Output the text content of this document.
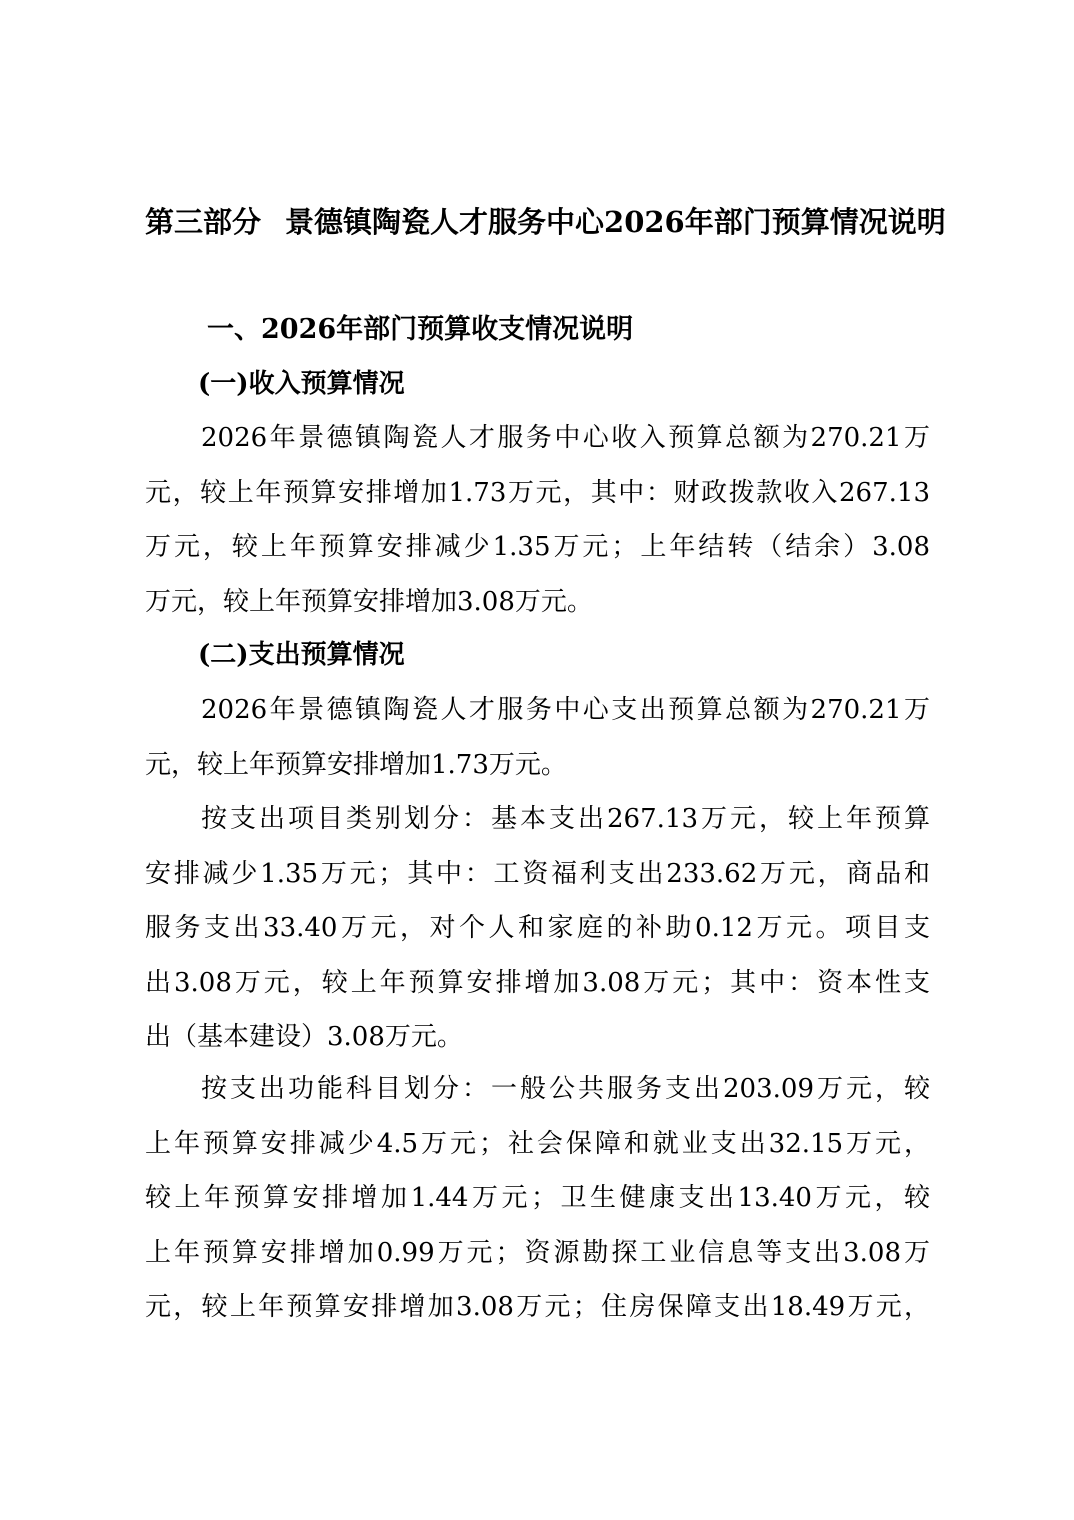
第三部分 景德镇陶瓷人才服务中心2026年部门预算情况说明
一、2026年部门预算收支情况说明
(一)收入预算情况

2026年景德镇陶瓷人才服务中心收入预算总额为270.21万
元，较上年预算安排增加1.73万元，其中：财政拨款收入267.13
万元，较上年预算安排减少1.35万元；上年结转（结余）3.08
万元，较上年预算安排增加3.08万元。

(二)支出预算情况

2026年景德镇陶瓷人才服务中心支出预算总额为270.21万
元，较上年预算安排增加1.73万元。

按支出项目类别划分：基本支出267.13万元，较上年预算
安排减少1.35万元；其中：工资福利支出233.62万元，商品和
服务支出33.40万元，对个人和家庭的补助0.12万元。项目支
出3.08万元，较上年预算安排增加3.08万元；其中：资本性支
出（基本建设）3.08万元。

按支出功能科目划分：一般公共服务支出203.09万元，较
上年预算安排减少4.5万元；社会保障和就业支出32.15万元，
较上年预算安排增加1.44万元；卫生健康支出13.40万元，较
上年预算安排增加0.99万元；资源勘探工业信息等支出3.08万
元，较上年预算安排增加3.08万元；住房保障支出18.49万元，
